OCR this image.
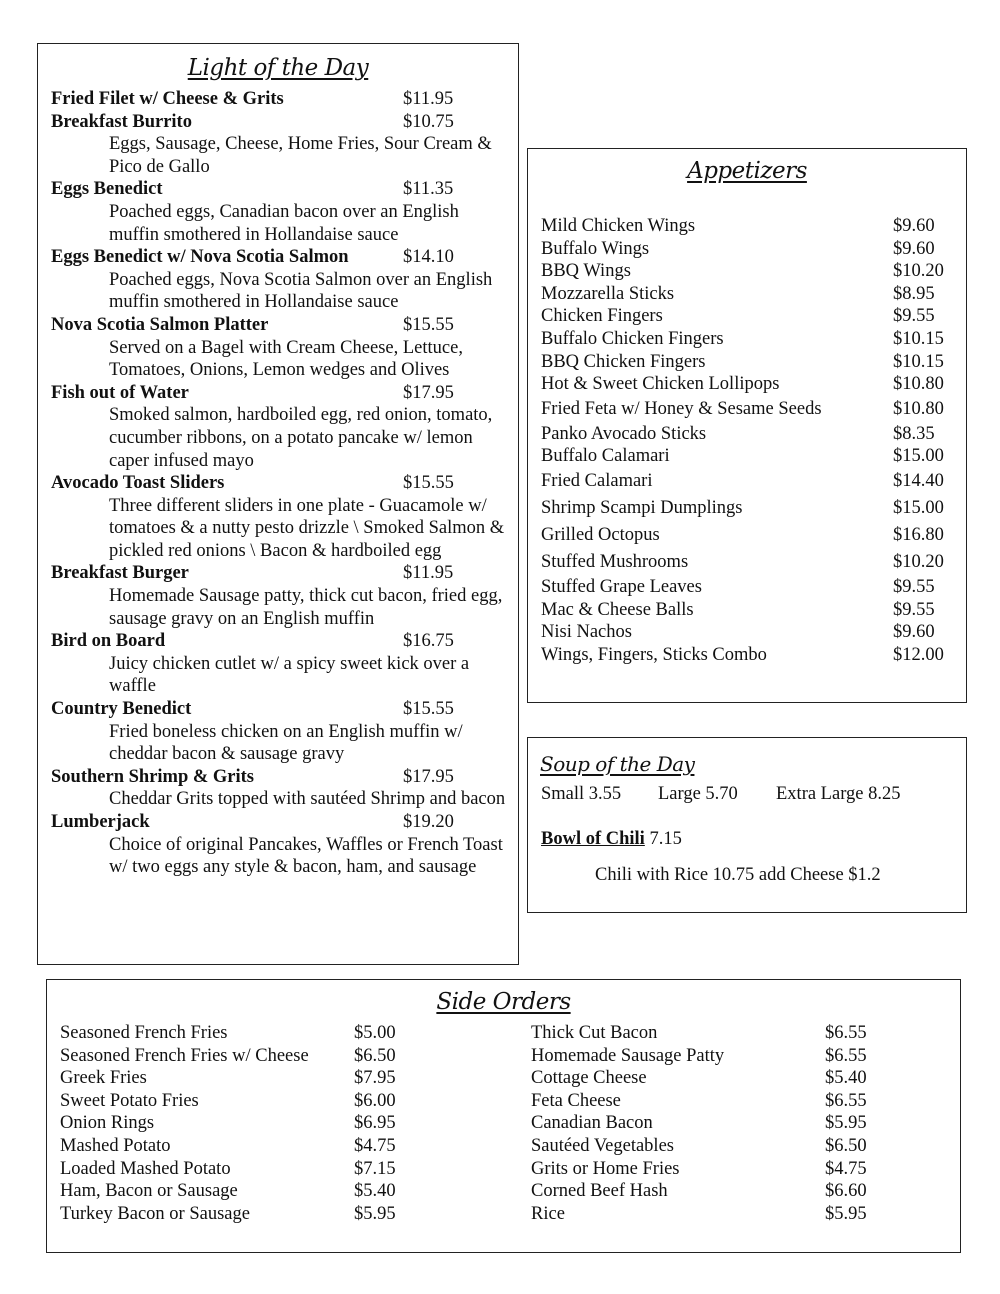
Light of the Day
Fried Filet w/ Cheese & Grits	$11.95
Breakfast Burrito	$10.75
Eggs, Sausage, Cheese, Home Fries, Sour Cream & Pico de Gallo
Eggs Benedict	$11.35
Poached eggs, Canadian bacon over an English muffin smothered in Hollandaise sauce
Eggs Benedict w/ Nova Scotia Salmon	$14.10
Poached eggs, Nova Scotia Salmon over an English muffin smothered in Hollandaise sauce
Nova Scotia Salmon Platter	$15.55
Served on a Bagel with Cream Cheese, Lettuce, Tomatoes, Onions, Lemon wedges and Olives
Fish out of Water	$17.95
Smoked salmon, hardboiled egg, red onion, tomato, cucumber ribbons, on a potato pancake w/ lemon caper infused mayo
Avocado Toast Sliders	$15.55
Three different sliders in one plate - Guacamole w/ tomatoes & a nutty pesto drizzle \ Smoked Salmon & pickled red onions \ Bacon & hardboiled egg
Breakfast Burger	$11.95
Homemade Sausage patty, thick cut bacon, fried egg, sausage gravy on an English muffin
Bird on Board	$16.75
Juicy chicken cutlet w/ a spicy sweet kick over a waffle
Country Benedict	$15.55
Fried boneless chicken on an English muffin w/ cheddar bacon & sausage gravy
Southern Shrimp & Grits	$17.95
Cheddar Grits topped with sautéed Shrimp and bacon
Lumberjack	$19.20
Choice of original Pancakes, Waffles or French Toast w/ two eggs any style & bacon, ham, and sausage
Appetizers
Mild Chicken Wings	$9.60
Buffalo Wings	$9.60
BBQ Wings	$10.20
Mozzarella Sticks	$8.95
Chicken Fingers	$9.55
Buffalo Chicken Fingers	$10.15
BBQ Chicken Fingers	$10.15
Hot & Sweet Chicken Lollipops	$10.80
Fried Feta w/ Honey & Sesame Seeds	$10.80
Panko Avocado Sticks	$8.35
Buffalo Calamari	$15.00
Fried Calamari	$14.40
Shrimp Scampi Dumplings	$15.00
Grilled Octopus	$16.80
Stuffed Mushrooms	$10.20
Stuffed Grape Leaves	$9.55
Mac & Cheese Balls	$9.55
Nisi Nachos	$9.60
Wings, Fingers, Sticks Combo	$12.00
Soup of the Day
Small 3.55 Large 5.70 Extra Large 8.25
Bowl of Chili 7.15
Chili with Rice 10.75 add Cheese $1.2
Side Orders
Seasoned French Fries	$5.00
Seasoned French Fries w/ Cheese $6.50
Greek Fries	$7.95
Sweet Potato Fries	$6.00
Onion Rings	$6.95
Mashed Potato	$4.75
Loaded Mashed Potato	$7.15
Ham, Bacon or Sausage	$5.40
Turkey Bacon or Sausage	$5.95
Thick Cut Bacon	$6.55
Homemade Sausage Patty	$6.55
Cottage Cheese	$5.40
Feta Cheese	$6.55
Canadian Bacon	$5.95
Sautéed Vegetables	$6.50
Grits or Home Fries	$4.75
Corned Beef Hash	$6.60
Rice	$5.95
